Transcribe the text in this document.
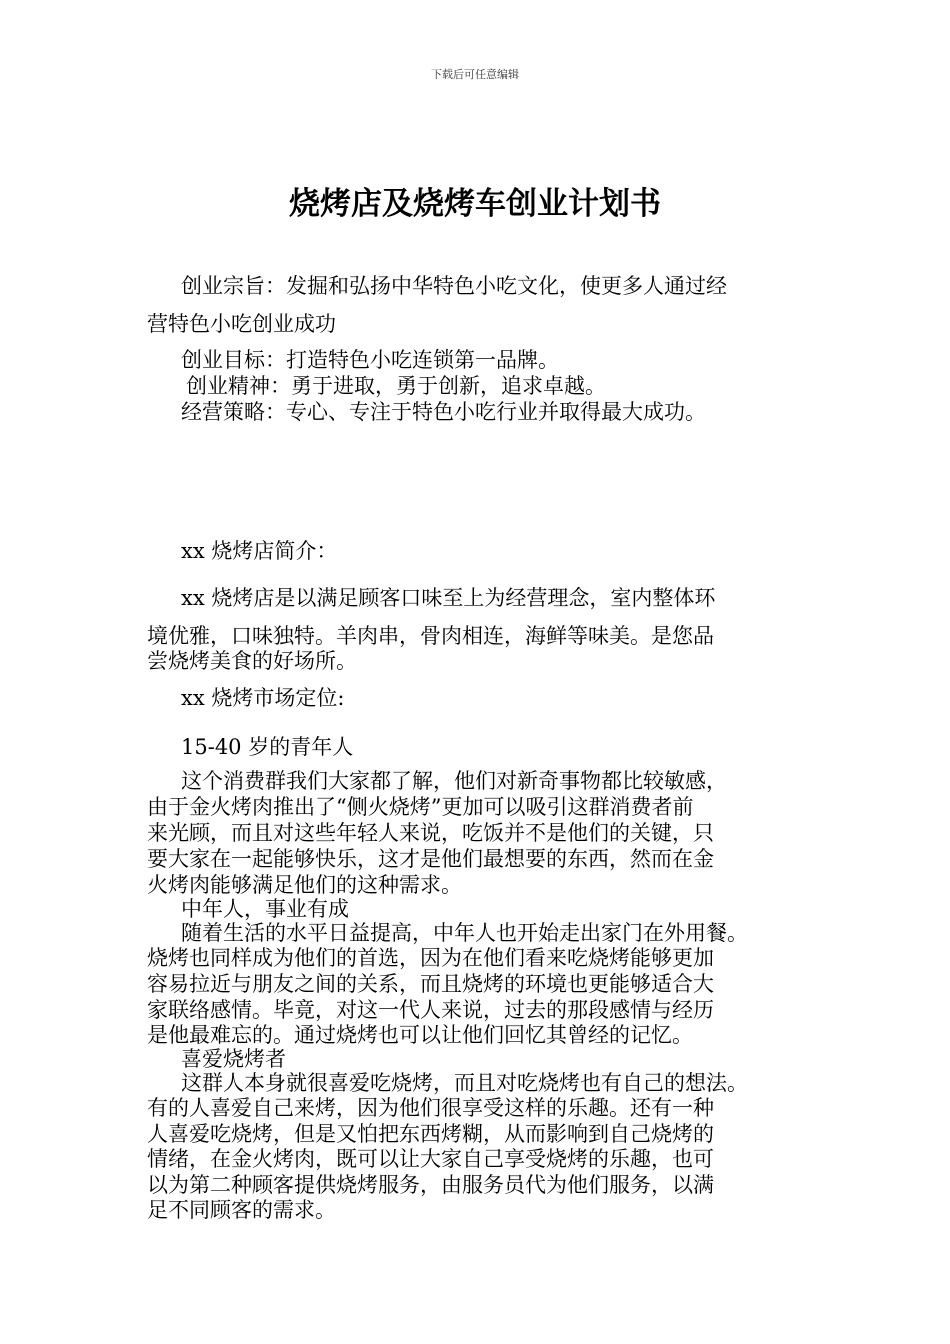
下载后可任意编辑
烧烤店及烧烤车创业计划书
创业宗旨：发掘和弘扬中华特色小吃文化，使更多人通过经
营特色小吃创业成功
创业目标：打造特色小吃连锁第一品牌。
创业精神：勇于进取，勇于创新，追求卓越。
经营策略：专心、专注于特色小吃行业并取得最大成功。
xx 烧烤店简介：
xx 烧烤店是以满足顾客口味至上为经营理念，室内整体环
境优雅，口味独特。羊肉串，骨肉相连，海鲜等味美。是您品
尝烧烤美食的好场所。
xx 烧烤市场定位:
15-40 岁的青年人
这个消费群我们大家都了解，他们对新奇事物都比较敏感，
由于金火烤肉推出了“侧火烧烤”更加可以吸引这群消费者前
来光顾，而且对这些年轻人来说，吃饭并不是他们的关键，只
要大家在一起能够快乐，这才是他们最想要的东西，然而在金
火烤肉能够满足他们的这种需求。
中年人，事业有成
随着生活的水平日益提高，中年人也开始走出家门在外用餐。
烧烤也同样成为他们的首选，因为在他们看来吃烧烤能够更加
容易拉近与朋友之间的关系，而且烧烤的环境也更能够适合大
家联络感情。毕竟，对这一代人来说，过去的那段感情与经历
是他最难忘的。通过烧烤也可以让他们回忆其曾经的记忆。
喜爱烧烤者
这群人本身就很喜爱吃烧烤，而且对吃烧烤也有自己的想法。
有的人喜爱自己来烤，因为他们很享受这样的乐趣。还有一种
人喜爱吃烧烤，但是又怕把东西烤糊，从而影响到自己烧烤的
情绪，在金火烤肉，既可以让大家自己享受烧烤的乐趣，也可
以为第二种顾客提供烧烤服务，由服务员代为他们服务，以满
足不同顾客的需求。
